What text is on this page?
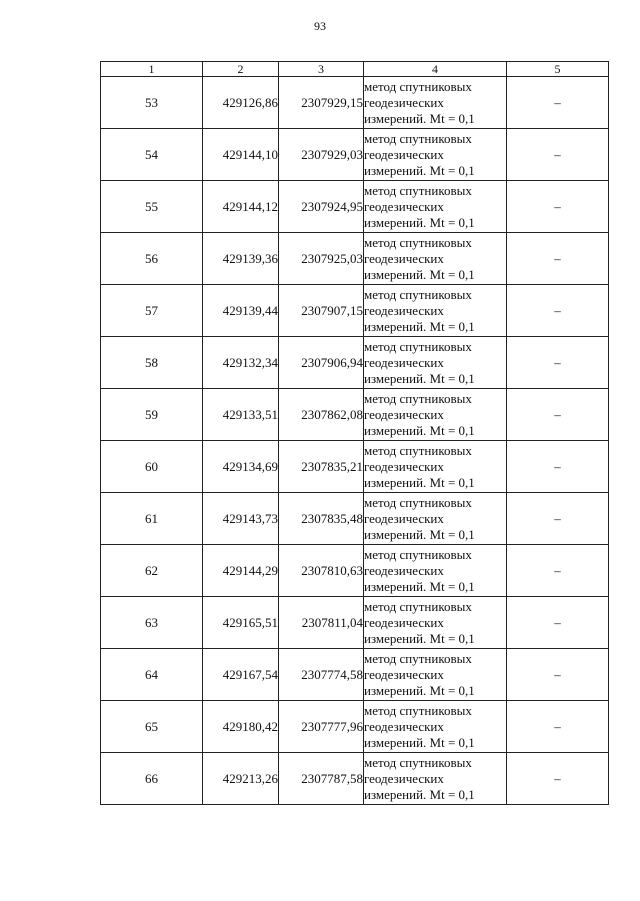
93
1	2	3	4	5
53	429126,86	2307929,15	метод спутниковых
геодезических
измерений. Mt = 0,1	–
54	429144,10	2307929,03	метод спутниковых
геодезических
измерений. Mt = 0,1	–
55	429144,12	2307924,95	метод спутниковых
геодезических
измерений. Mt = 0,1	–
56	429139,36	2307925,03	метод спутниковых
геодезических
измерений. Mt = 0,1	–
57	429139,44	2307907,15	метод спутниковых
геодезических
измерений. Mt = 0,1	–
58	429132,34	2307906,94	метод спутниковых
геодезических
измерений. Mt = 0,1	–
59	429133,51	2307862,08	метод спутниковых
геодезических
измерений. Mt = 0,1	–
60	429134,69	2307835,21	метод спутниковых
геодезических
измерений. Mt = 0,1	–
61	429143,73	2307835,48	метод спутниковых
геодезических
измерений. Mt = 0,1	–
62	429144,29	2307810,63	метод спутниковых
геодезических
измерений. Mt = 0,1	–
63	429165,51	2307811,04	метод спутниковых
геодезических
измерений. Mt = 0,1	–
64	429167,54	2307774,58	метод спутниковых
геодезических
измерений. Mt = 0,1	–
65	429180,42	2307777,96	метод спутниковых
геодезических
измерений. Mt = 0,1	–
66	429213,26	2307787,58	метод спутниковых
геодезических
измерений. Mt = 0,1	–
